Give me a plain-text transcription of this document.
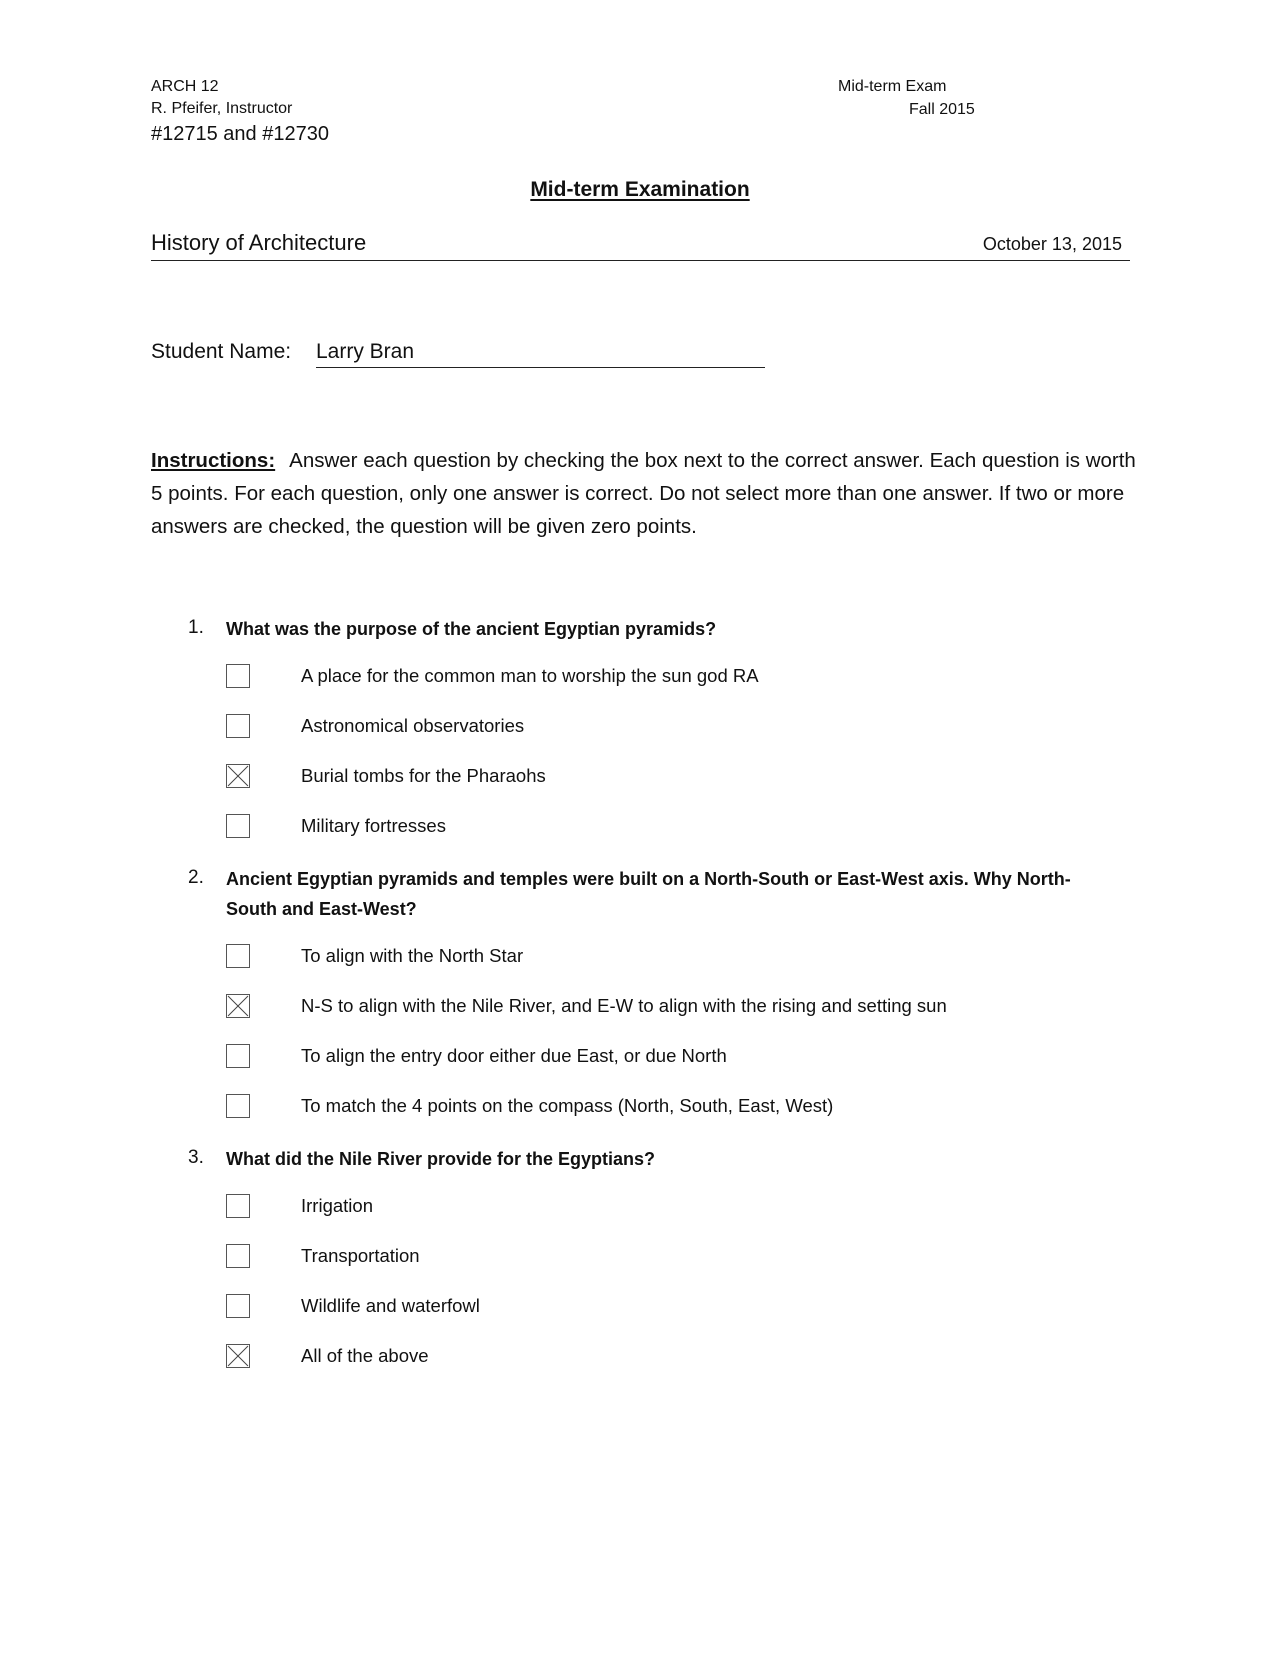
ARCH 12
R. Pfeifer, Instructor
#12715 and #12730
Mid-term Exam
Fall 2015
Mid-term Examination
History of Architecture	October 13, 2015
Student Name: Larry Bran
Instructions: Answer each question by checking the box next to the correct answer. Each question is worth 5 points. For each question, only one answer is correct. Do not select more than one answer. If two or more answers are checked, the question will be given zero points.
1. What was the purpose of the ancient Egyptian pyramids?
A place for the common man to worship the sun god RA
Astronomical observatories
Burial tombs for the Pharaohs
Military fortresses
2. Ancient Egyptian pyramids and temples were built on a North-South or East-West axis. Why North-South and East-West?
To align with the North Star
N-S to align with the Nile River, and E-W to align with the rising and setting sun
To align the entry door either due East, or due North
To match the 4 points on the compass (North, South, East, West)
3. What did the Nile River provide for the Egyptians?
Irrigation
Transportation
Wildlife and waterfowl
All of the above
